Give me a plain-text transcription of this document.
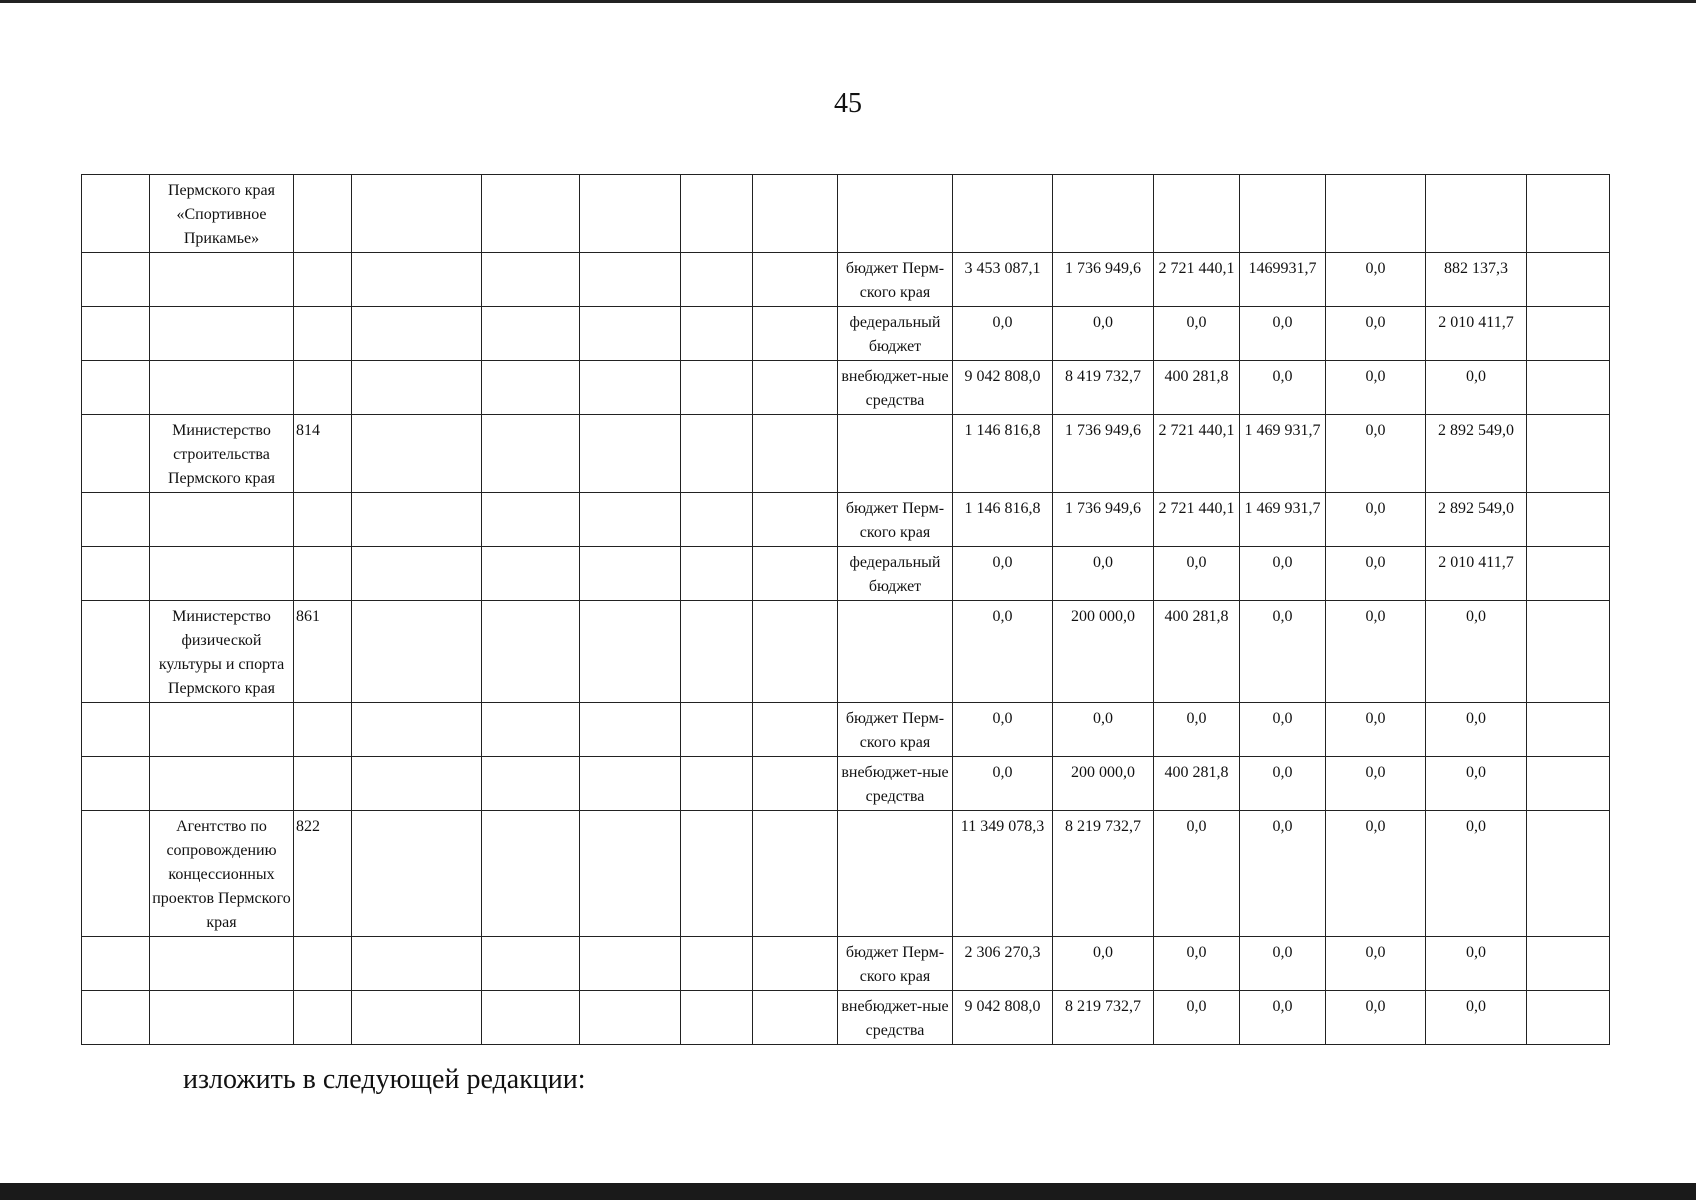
45
	Пермского края «Спортивное Прикамье»														
								бюджет Перм-ского края	3 453 087,1	1 736 949,6	2 721 440,1	1469931,7	0,0	882 137,3	
								федеральный бюджет	0,0	0,0	0,0	0,0	0,0	2 010 411,7	
								внебюджет-ные средства	9 042 808,0	8 419 732,7	400 281,8	0,0	0,0	0,0	
	Министерство строительства Пермского края	814							1 146 816,8	1 736 949,6	2 721 440,1	1 469 931,7	0,0	2 892 549,0	
								бюджет Перм-ского края	1 146 816,8	1 736 949,6	2 721 440,1	1 469 931,7	0,0	2 892 549,0	
								федеральный бюджет	0,0	0,0	0,0	0,0	0,0	2 010 411,7	
	Министерство физической культуры и спорта Пермского края	861							0,0	200 000,0	400 281,8	0,0	0,0	0,0	
								бюджет Перм-ского края	0,0	0,0	0,0	0,0	0,0	0,0	
								внебюджет-ные средства	0,0	200 000,0	400 281,8	0,0	0,0	0,0	
	Агентство по сопровождению концессионных проектов Пермского края	822							11 349 078,3	8 219 732,7	0,0	0,0	0,0	0,0	
								бюджет Перм-ского края	2 306 270,3	0,0	0,0	0,0	0,0	0,0	
								внебюджет-ные средства	9 042 808,0	8 219 732,7	0,0	0,0	0,0	0,0	
изложить в следующей редакции:
